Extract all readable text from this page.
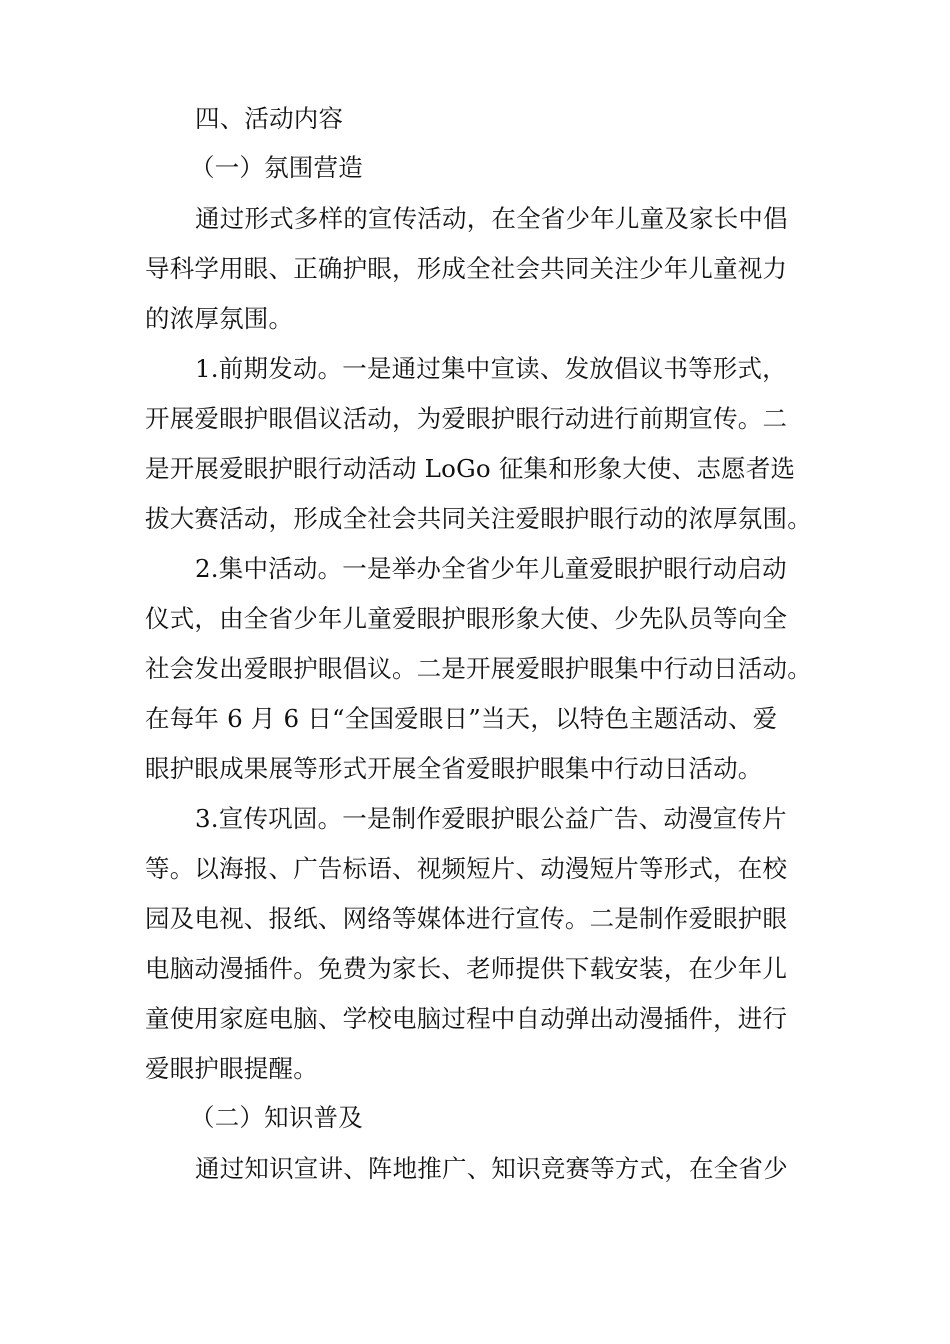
四、活动内容
（一）氛围营造
通过形式多样的宣传活动，在全省少年儿童及家长中倡
导科学用眼、正确护眼，形成全社会共同关注少年儿童视力
的浓厚氛围。
1.前期发动。一是通过集中宣读、发放倡议书等形式，
开展爱眼护眼倡议活动，为爱眼护眼行动进行前期宣传。二
是开展爱眼护眼行动活动 LoGo 征集和形象大使、志愿者选
拔大赛活动，形成全社会共同关注爱眼护眼行动的浓厚氛围。
2.集中活动。一是举办全省少年儿童爱眼护眼行动启动
仪式，由全省少年儿童爱眼护眼形象大使、少先队员等向全
社会发出爱眼护眼倡议。二是开展爱眼护眼集中行动日活动。
在每年 6 月 6 日“全国爱眼日”当天，以特色主题活动、爱
眼护眼成果展等形式开展全省爱眼护眼集中行动日活动。
3.宣传巩固。一是制作爱眼护眼公益广告、动漫宣传片
等。以海报、广告标语、视频短片、动漫短片等形式，在校
园及电视、报纸、网络等媒体进行宣传。二是制作爱眼护眼
电脑动漫插件。免费为家长、老师提供下载安装，在少年儿
童使用家庭电脑、学校电脑过程中自动弹出动漫插件，进行
爱眼护眼提醒。
（二）知识普及
通过知识宣讲、阵地推广、知识竞赛等方式，在全省少
